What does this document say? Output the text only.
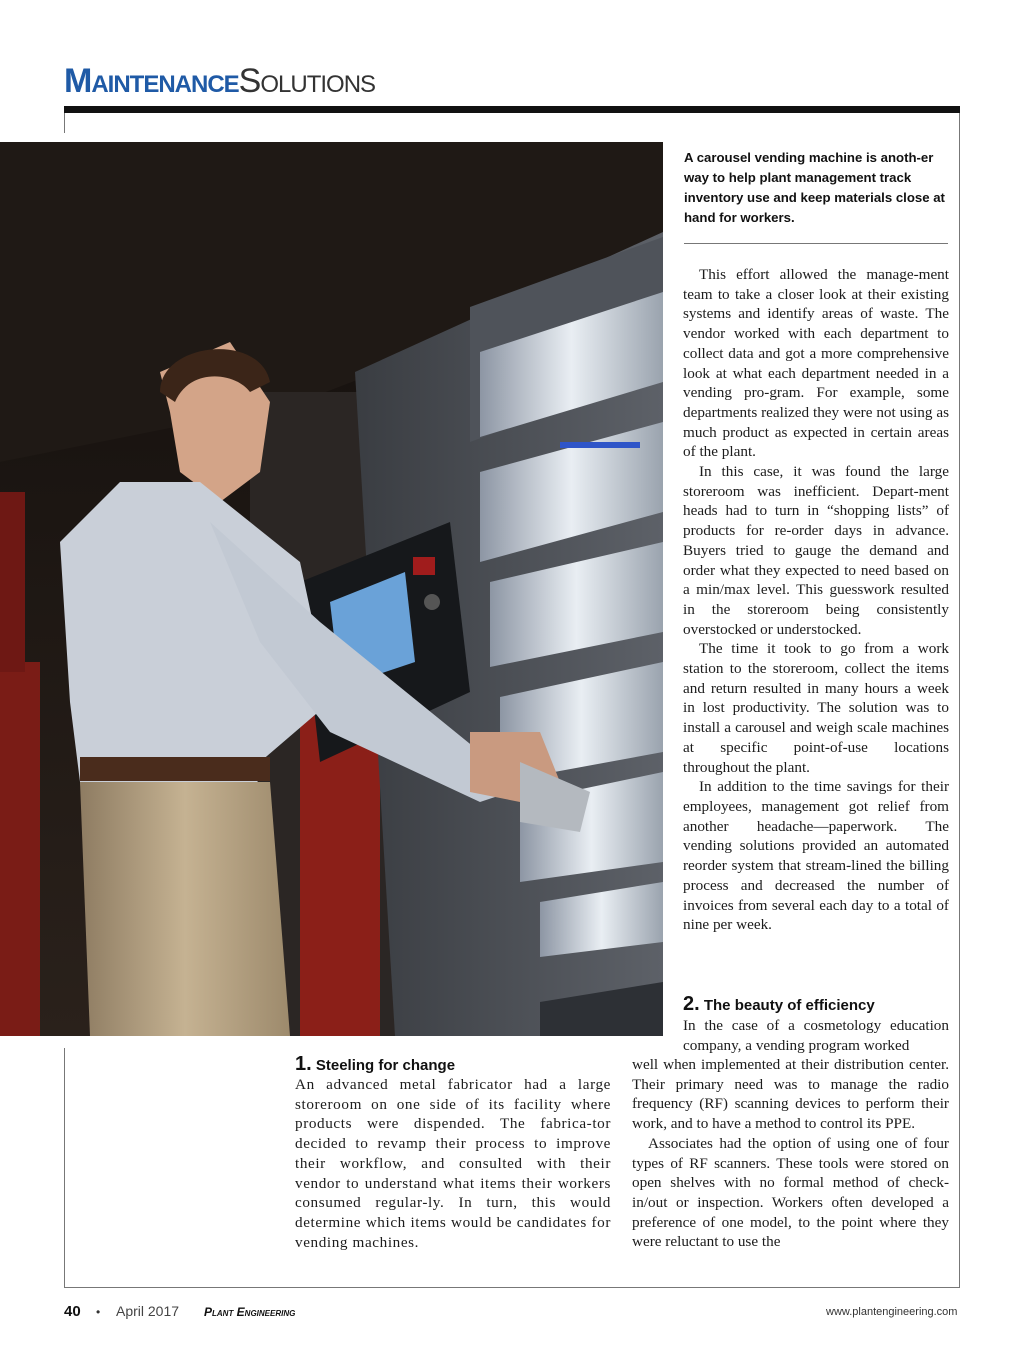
MaintenanceSolutions
A carousel vending machine is anoth-er way to help plant management track inventory use and keep materials close at hand for workers.

This effort allowed the manage-ment team to take a closer look at their existing systems and identify areas of waste. The vendor worked with each department to collect data and got a more comprehensive look at what each department needed in a vending pro-gram. For example, some departments realized they were not using as much product as expected in certain areas of the plant.

In this case, it was found the large storeroom was inefficient. Depart-ment heads had to turn in “shopping lists” of products for re-order days in advance. Buyers tried to gauge the demand and order what they expected to need based on a min/max level. This guesswork resulted in the storeroom being consistently overstocked or understocked.

The time it took to go from a work station to the storeroom, collect the items and return resulted in many hours a week in lost productivity. The solution was to install a carousel and weigh scale machines at specific point-of-use locations throughout the plant.

In addition to the time savings for their employees, management got relief from another headache—paperwork. The vending solutions provided an automated reorder system that stream-lined the billing process and decreased the number of invoices from several each day to a total of nine per week.

2. The beauty of efficiency

In the case of a cosmetology education company, a vending program worked

well when implemented at their distribution center. Their primary need was to manage the radio frequency (RF) scanning devices to perform their work, and to have a method to control its PPE.

Associates had the option of using one of four types of RF scanners. These tools were stored on open shelves with no formal method of check-in/out or inspection. Workers often developed a preference of one model, to the point where they were reluctant to use the

1. Steeling for change

An advanced metal fabricator had a large storeroom on one side of its facility where products were dispended. The fabrica-tor decided to revamp their process to improve their workflow, and consulted with their vendor to understand what items their workers consumed regular-ly. In turn, this would determine which items would be candidates for vending machines.

40 • April 2017 Plant Engineering	www.plantengineering.com
